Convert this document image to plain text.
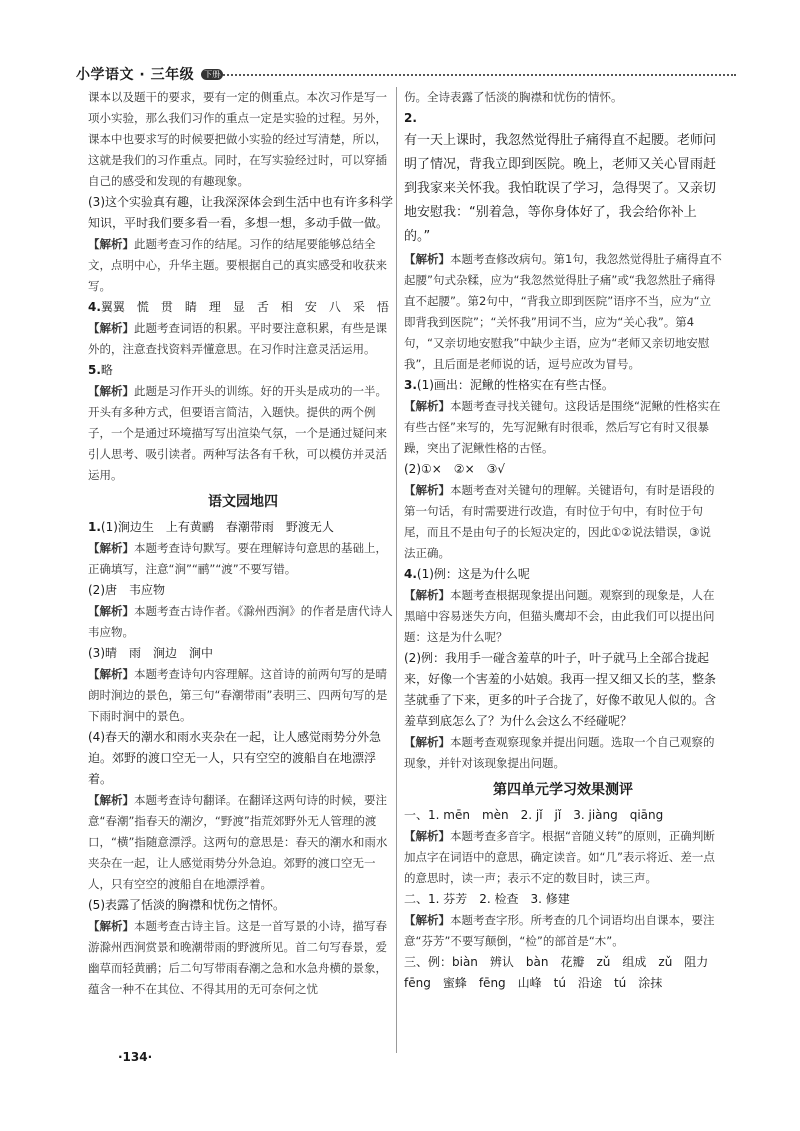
小学语文 · 三年级 下册

课本以及题干的要求，要有一定的侧重点。本次习作是写一项小实验，那么我们习作的重点一定是实验的过程。另外，课本中也要求写的时候要把做小实验的经过写清楚，所以，这就是我们的习作重点。同时，在写实验经过时，可以穿插自己的感受和发现的有趣现象。

(3)这个实验真有趣，让我深深体会到生活中也有许多科学知识，平时我们要多看一看，多想一想，多动手做一做。

【解析】此题考查习作的结尾。习作的结尾要能够总结全文，点明中心，升华主题。要根据自己的真实感受和收获来写。

4.翼翼　慌　贯　睛　理　显　舌　相　安　八　采　悟

【解析】此题考查词语的积累。平时要注意积累，有些是课外的，注意查找资料弄懂意思。在习作时注意灵活运用。

5.略

【解析】此题是习作开头的训练。好的开头是成功的一半。开头有多种方式，但要语言简洁，入题快。提供的两个例子，一个是通过环境描写写出渲染气氛，一个是通过疑问来引人思考、吸引读者。两种写法各有千秋，可以模仿并灵活运用。

语文园地四

1.(1)涧边生　上有黄鹂　春潮带雨　野渡无人

【解析】本题考查诗句默写。要在理解诗句意思的基础上，正确填写，注意“涧”“鹂”“渡”不要写错。

(2)唐　韦应物

【解析】本题考查古诗作者。《滁州西涧》的作者是唐代诗人韦应物。

(3)晴　雨　涧边　涧中

【解析】本题考查诗句内容理解。这首诗的前两句写的是晴朗时涧边的景色，第三句“春潮带雨”表明三、四两句写的是下雨时涧中的景色。

(4)春天的潮水和雨水夹杂在一起，让人感觉雨势分外急迫。郊野的渡口空无一人，只有空空的渡船自在地漂浮着。

【解析】本题考查诗句翻译。在翻译这两句诗的时候，要注意“春潮”指春天的潮汐，“野渡”指荒郊野外无人管理的渡口，“横”指随意漂浮。这两句的意思是：春天的潮水和雨水夹杂在一起，让人感觉雨势分外急迫。郊野的渡口空无一人，只有空空的渡船自在地漂浮着。

(5)表露了恬淡的胸襟和忧伤之情怀。

【解析】本题考查古诗主旨。这是一首写景的小诗，描写春游滁州西涧赏景和晚潮带雨的野渡所见。首二句写春景，爱幽草而轻黄鹂；后二句写带雨春潮之急和水急舟横的景象，蕴含一种不在其位、不得其用的无可奈何之忧

伤。全诗表露了恬淡的胸襟和忧伤的情怀。

2.

有一天上课时，我忽然觉得肚子痛得直不起腰。老师问明了情况，背我立即到医院。晚上，老师又关心冒雨赶到我家来关怀我。我怕耽误了学习，急得哭了。又亲切地安慰我：“别着急，等你身体好了，我会给你补上的。”

【解析】本题考查修改病句。第1句，我忽然觉得肚子痛得直不起腰”句式杂糅，应为“我忽然觉得肚子痛”或“我忽然肚子痛得直不起腰”。第2句中，“背我立即到医院”语序不当，应为“立即背我到医院”；“关怀我”用词不当，应为“关心我”。第4句，“又亲切地安慰我”中缺少主语，应为“老师又亲切地安慰我”，且后面是老师说的话，逗号应改为冒号。

3.(1)画出：泥鳅的性格实在有些古怪。

【解析】本题考查寻找关键句。这段话是围绕“泥鳅的性格实在有些古怪”来写的，先写泥鳅有时很乖，然后写它有时又很暴躁，突出了泥鳅性格的古怪。

(2)①×　②×　③√

【解析】本题考查对关键句的理解。关键语句，有时是语段的第一句话，有时需要进行改造，有时位于句中，有时位于句尾，而且不是由句子的长短决定的，因此①②说法错误，③说法正确。

4.(1)例：这是为什么呢

【解析】本题考查根据现象提出问题。观察到的现象是，人在黑暗中容易迷失方向，但猫头鹰却不会，由此我们可以提出问题：这是为什么呢？

(2)例：我用手一碰含羞草的叶子，叶子就马上全部合拢起来，好像一个害羞的小姑娘。我再一捏又细又长的茎，整条茎就垂了下来，更多的叶子合拢了，好像不敢见人似的。含羞草到底怎么了？为什么会这么不经碰呢？

【解析】本题考查观察现象并提出问题。选取一个自己观察的现象，并针对该现象提出问题。

第四单元学习效果测评

一、1. mēn　mèn　2. jǐ　jǐ　3. jiàng　qiāng

【解析】本题考查多音字。根据“音随义转”的原则，正确判断加点字在词语中的意思，确定读音。如“几”表示将近、差一点的意思时，读一声；表示不定的数目时，读三声。

二、1. 芬芳　2. 检查　3. 修建

【解析】本题考查字形。所考查的几个词语均出自课本，要注意“芬芳”不要写颠倒，“检”的部首是“木”。

三、例：biàn　辨认　bàn　花瓣　zǔ　组成　zǔ　阻力

fēng　蜜蜂　fēng　山峰　tú　沿途　tú　涂抹

·134·
